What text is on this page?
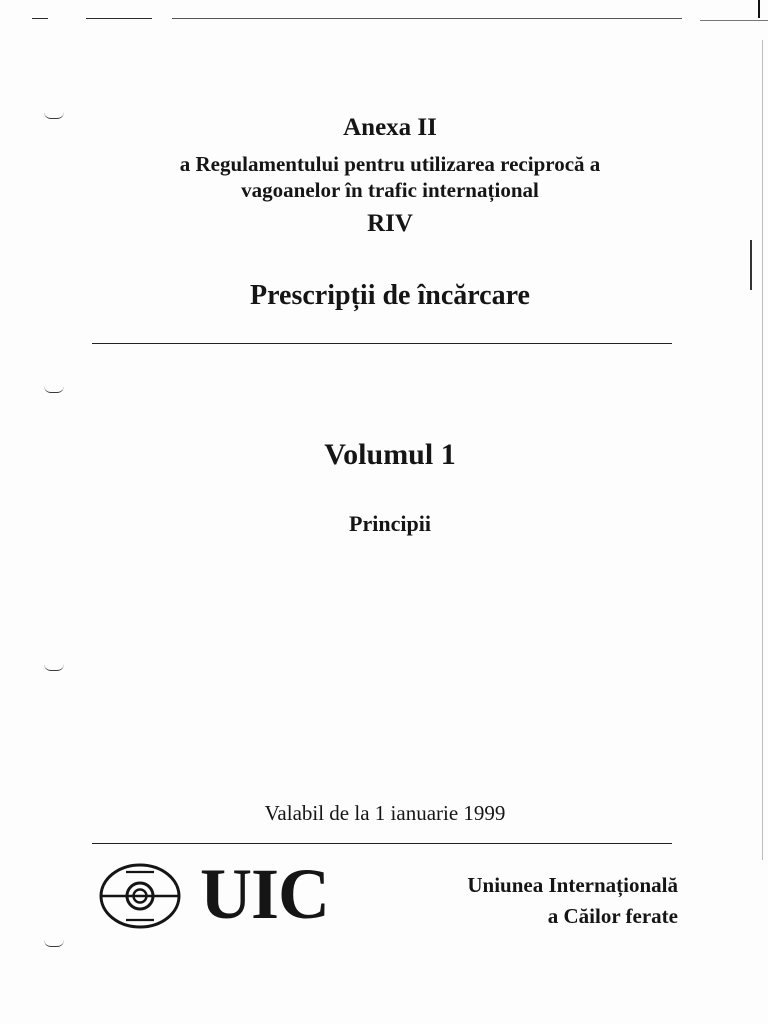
Anexa II
a Regulamentului pentru utilizarea reciprocă a
vagoanelor în trafic internațional
RIV
Prescripții de încărcare
Volumul 1
Principii
Valabil de la 1 ianuarie 1999
UIC	Uniunea Internațională
a Căilor ferate
